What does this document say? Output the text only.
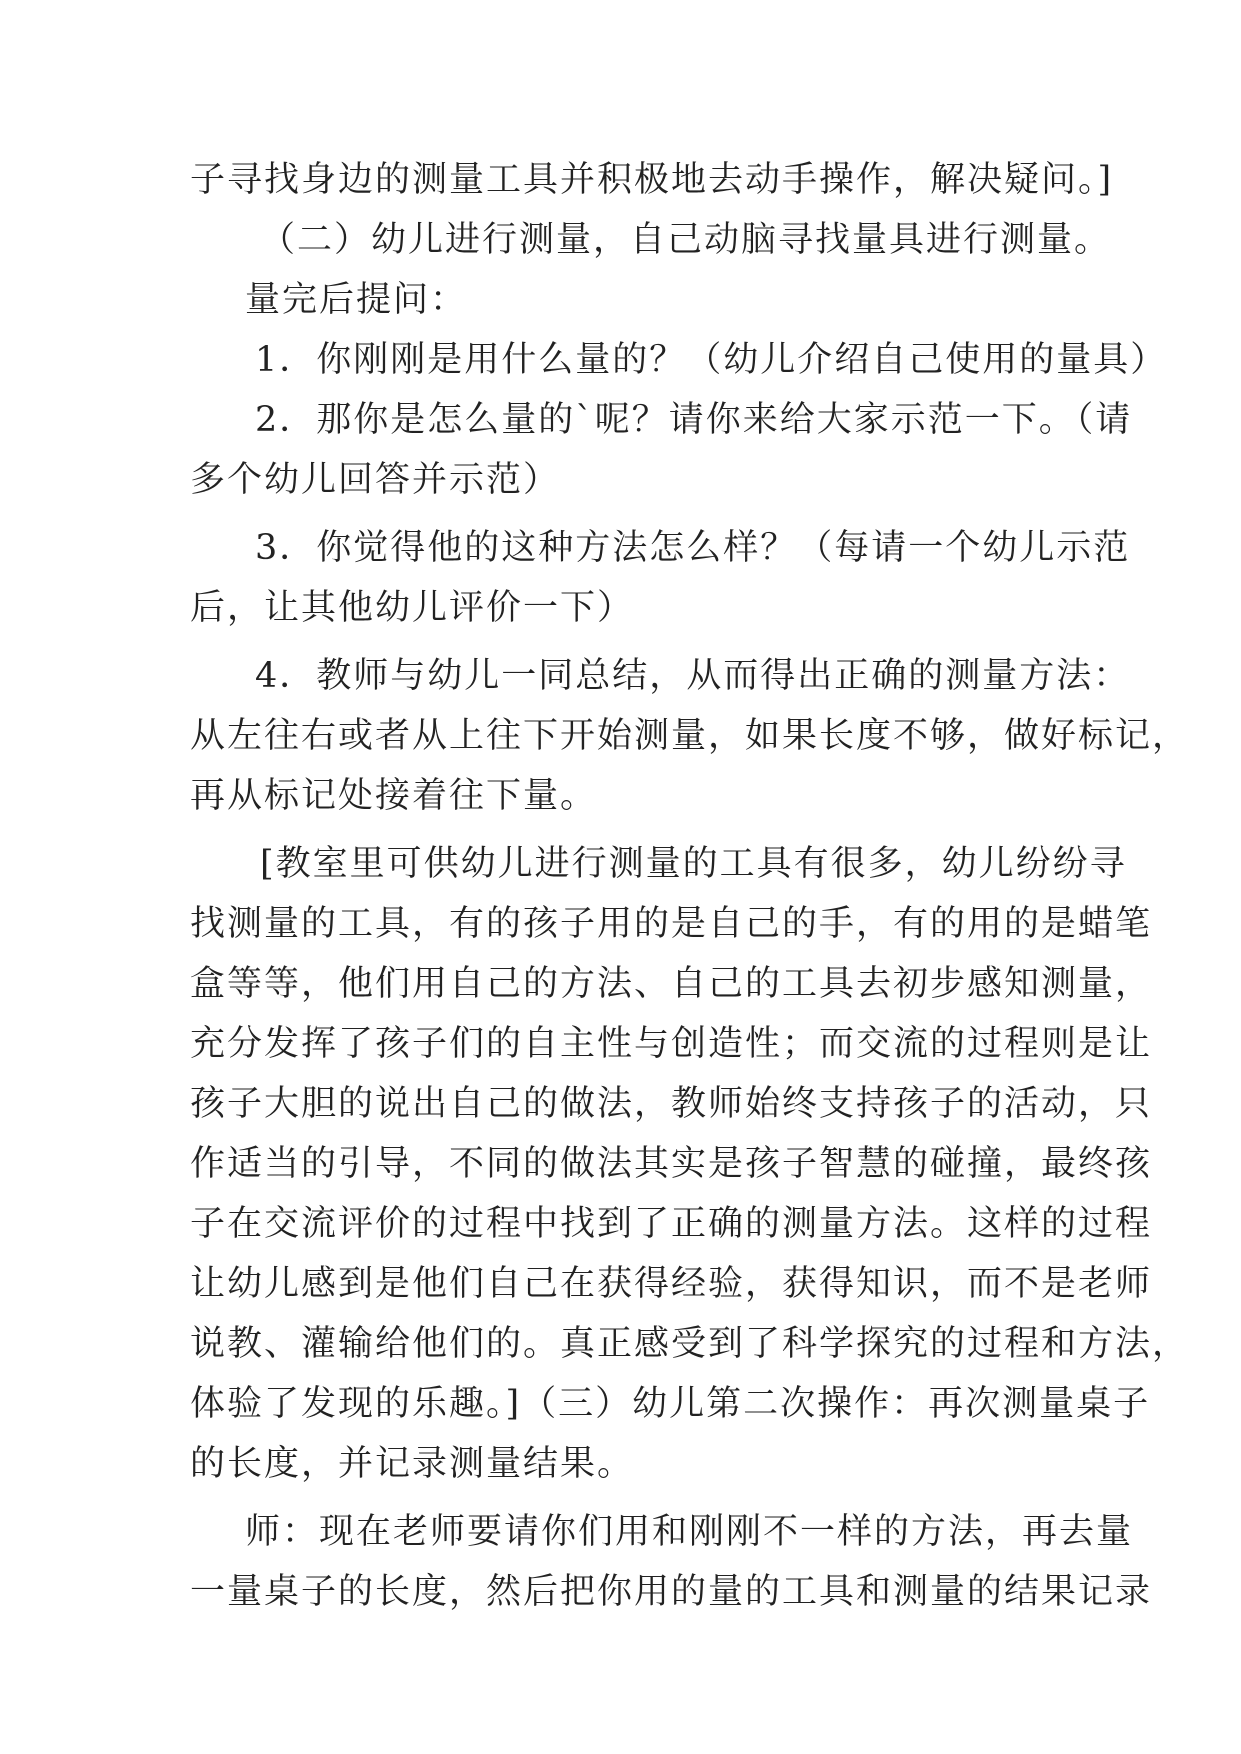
子寻找身边的测量工具并积极地去动手操作，解决疑问。]
（二）幼儿进行测量，自己动脑寻找量具进行测量。
量完后提问：
1．你刚刚是用什么量的？（幼儿介绍自己使用的量具）
2．那你是怎么量的`呢？请你来给大家示范一下。（请
多个幼儿回答并示范）
3．你觉得他的这种方法怎么样？（每请一个幼儿示范
后，让其他幼儿评价一下）
4．教师与幼儿一同总结，从而得出正确的测量方法：
从左往右或者从上往下开始测量，如果长度不够，做好标记，
再从标记处接着往下量。
[教室里可供幼儿进行测量的工具有很多，幼儿纷纷寻
找测量的工具，有的孩子用的是自己的手，有的用的是蜡笔
盒等等，他们用自己的方法、自己的工具去初步感知测量，
充分发挥了孩子们的自主性与创造性；而交流的过程则是让
孩子大胆的说出自己的做法，教师始终支持孩子的活动，只
作适当的引导，不同的做法其实是孩子智慧的碰撞，最终孩
子在交流评价的过程中找到了正确的测量方法。这样的过程
让幼儿感到是他们自己在获得经验，获得知识，而不是老师
说教、灌输给他们的。真正感受到了科学探究的过程和方法，
体验了发现的乐趣。]（三）幼儿第二次操作：再次测量桌子
的长度，并记录测量结果。
师：现在老师要请你们用和刚刚不一样的方法，再去量
一量桌子的长度，然后把你用的量的工具和测量的结果记录
